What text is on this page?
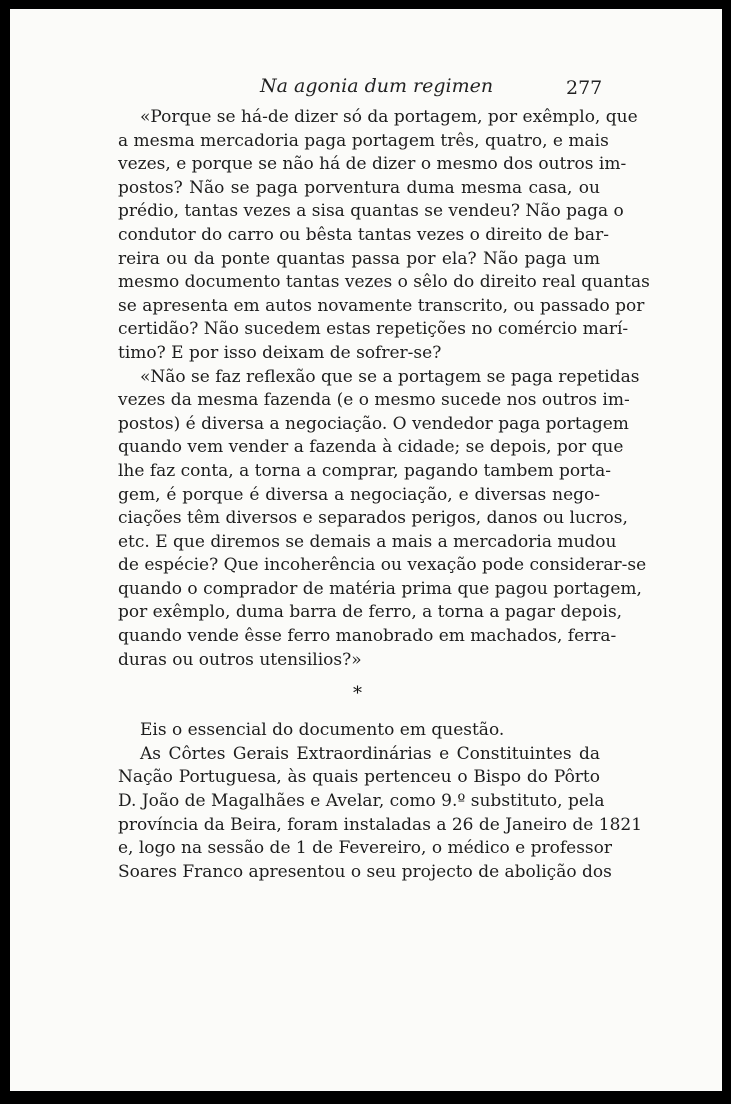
Na agonia dum regimen	277
«Porque se há-de dizer só da portagem, por exêmplo, que
a mesma mercadoria paga portagem três, quatro, e mais
vezes, e porque se não há de dizer o mesmo dos outros im-
postos? Não se paga porventura duma mesma casa, ou
prédio, tantas vezes a sisa quantas se vendeu? Não paga o
condutor do carro ou bêsta tantas vezes o direito de bar-
reira ou da ponte quantas passa por ela? Não paga um
mesmo documento tantas vezes o sêlo do direito real quantas
se apresenta em autos novamente transcrito, ou passado por
certidão? Não sucedem estas repetições no comércio marí-
timo? E por isso deixam de sofrer-se?
«Não se faz reflexão que se a portagem se paga repetidas
vezes da mesma fazenda (e o mesmo sucede nos outros im-
postos) é diversa a negociação. O vendedor paga portagem
quando vem vender a fazenda à cidade; se depois, por que
lhe faz conta, a torna a comprar, pagando tambem porta-
gem, é porque é diversa a negociação, e diversas nego-
ciações têm diversos e separados perigos, danos ou lucros,
etc. E que diremos se demais a mais a mercadoria mudou
de espécie? Que incoherência ou vexação pode considerar-se
quando o comprador de matéria prima que pagou portagem,
por exêmplo, duma barra de ferro, a torna a pagar depois,
quando vende êsse ferro manobrado em machados, ferra-
duras ou outros utensilios?»
*
Eis o essencial do documento em questão.
As Côrtes Gerais Extraordinárias e Constituintes da
Nação Portuguesa, às quais pertenceu o Bispo do Pôrto
D. João de Magalhães e Avelar, como 9.º substituto, pela
província da Beira, foram instaladas a 26 de Janeiro de 1821
e, logo na sessão de 1 de Fevereiro, o médico e professor
Soares Franco apresentou o seu projecto de abolição dos
